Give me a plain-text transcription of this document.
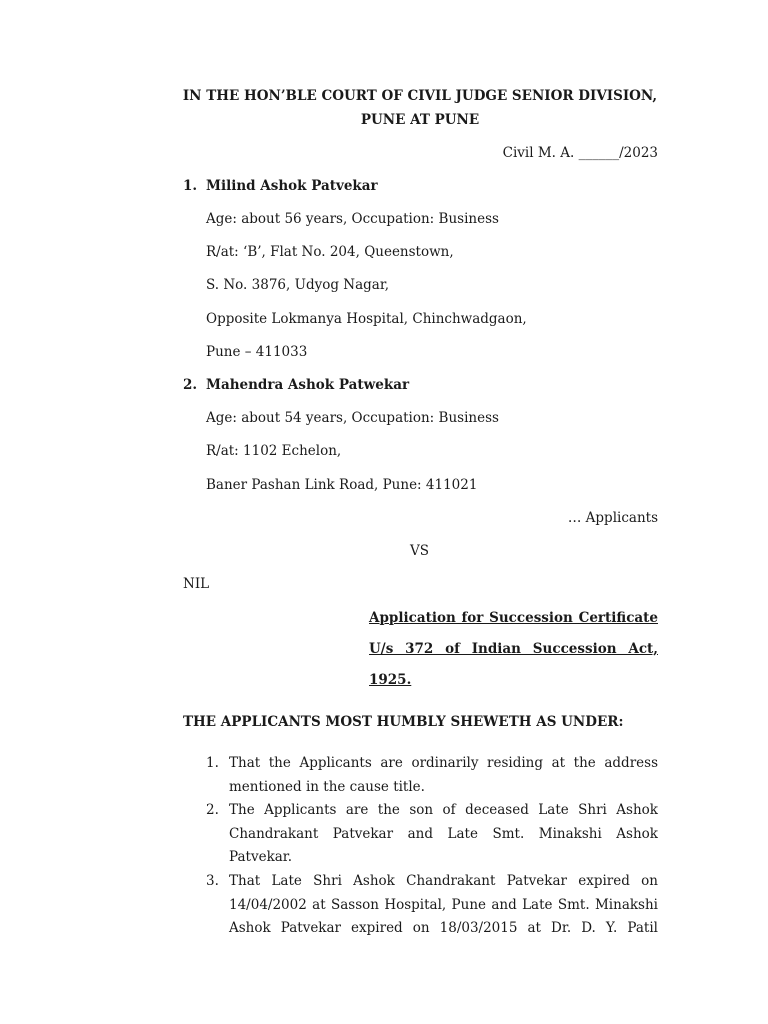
IN THE HON’BLE COURT OF CIVIL JUDGE SENIOR DIVISION,
PUNE AT PUNE
Civil M. A. ______/2023
1. Milind Ashok Patvekar
Age: about 56 years, Occupation: Business
R/at: ‘B’, Flat No. 204, Queenstown,
S. No. 3876, Udyog Nagar,
Opposite Lokmanya Hospital, Chinchwadgaon,
Pune – 411033
2. Mahendra Ashok Patwekar
Age: about 54 years, Occupation: Business
R/at: 1102 Echelon,
Baner Pashan Link Road, Pune: 411021
… Applicants
VS
NIL
Application for Succession Certificate
U/s 372 of Indian Succession Act,
1925.
THE APPLICANTS MOST HUMBLY SHEWETH AS UNDER:
1. That the Applicants are ordinarily residing at the address
mentioned in the cause title.
2. The Applicants are the son of deceased Late Shri Ashok
Chandrakant Patvekar and Late Smt. Minakshi Ashok
Patvekar.
3. That Late Shri Ashok Chandrakant Patvekar expired on
14/04/2002 at Sasson Hospital, Pune and Late Smt. Minakshi
Ashok Patvekar expired on 18/03/2015 at Dr. D. Y. Patil
